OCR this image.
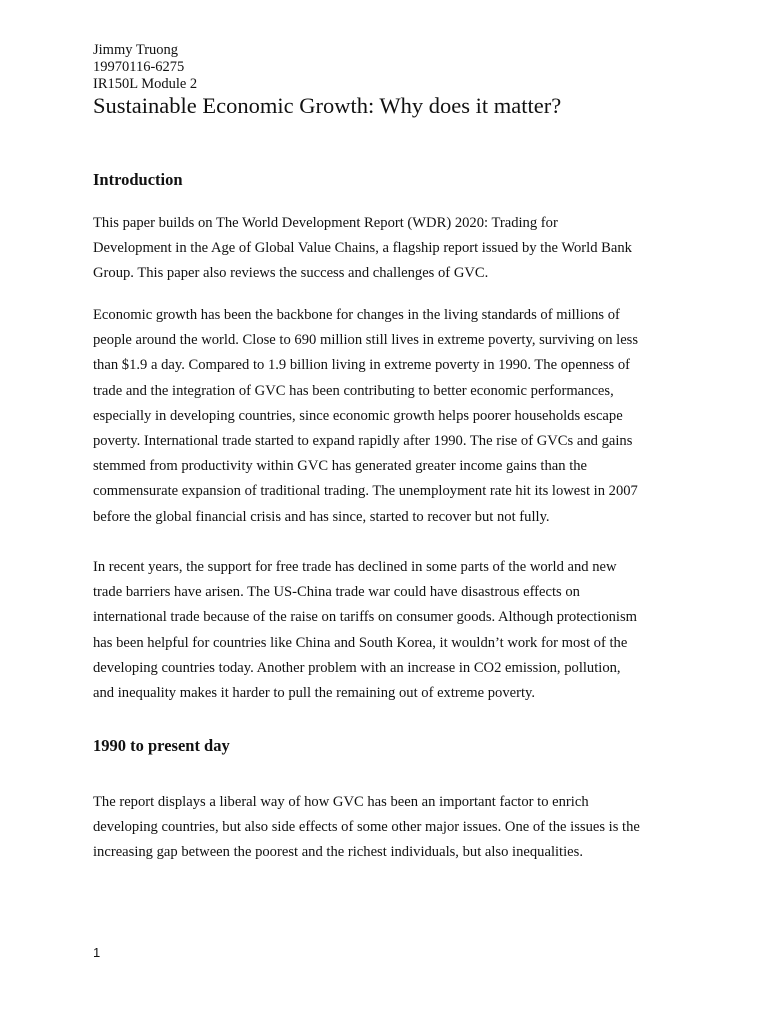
Jimmy Truong
19970116-6275
IR150L Module 2
Sustainable Economic Growth: Why does it matter?
Introduction

This paper builds on The World Development Report (WDR) 2020: Trading for
Development in the Age of Global Value Chains, a flagship report issued by the World Bank
Group. This paper also reviews the success and challenges of GVC.

Economic growth has been the backbone for changes in the living standards of millions of
people around the world. Close to 690 million still lives in extreme poverty, surviving on less
than $1.9 a day. Compared to 1.9 billion living in extreme poverty in 1990. The openness of
trade and the integration of GVC has been contributing to better economic performances,
especially in developing countries, since economic growth helps poorer households escape
poverty. International trade started to expand rapidly after 1990. The rise of GVCs and gains
stemmed from productivity within GVC has generated greater income gains than the
commensurate expansion of traditional trading. The unemployment rate hit its lowest in 2007
before the global financial crisis and has since, started to recover but not fully.

In recent years, the support for free trade has declined in some parts of the world and new
trade barriers have arisen. The US-China trade war could have disastrous effects on
international trade because of the raise on tariffs on consumer goods. Although protectionism
has been helpful for countries like China and South Korea, it wouldn’t work for most of the
developing countries today. Another problem with an increase in CO2 emission, pollution,
and inequality makes it harder to pull the remaining out of extreme poverty.

1990 to present day

The report displays a liberal way of how GVC has been an important factor to enrich
developing countries, but also side effects of some other major issues. One of the issues is the
increasing gap between the poorest and the richest individuals, but also inequalities.

1
